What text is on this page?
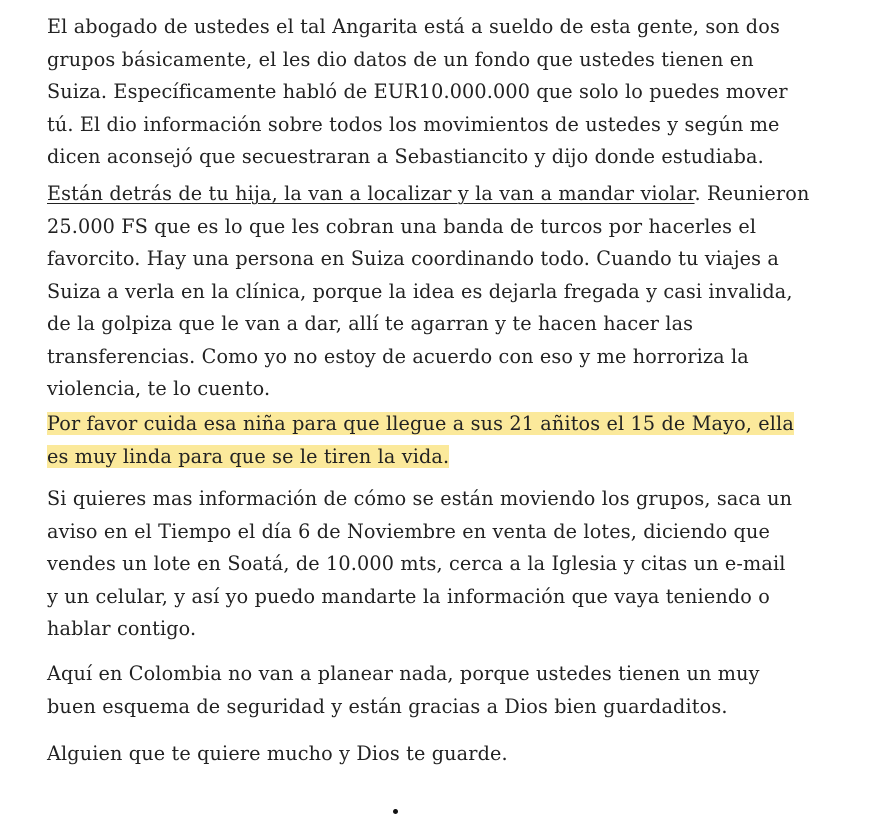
El abogado de ustedes el tal Angarita está a sueldo de esta gente, son dos
grupos básicamente, el les dio datos de un fondo que ustedes tienen en
Suiza. Específicamente habló de EUR10.000.000 que solo lo puedes mover
tú. El dio información sobre todos los movimientos de ustedes y según me
dicen aconsejó que secuestraran a Sebastiancito y dijo donde estudiaba.
Están detrás de tu hija, la van a localizar y la van a mandar violar. Reunieron
25.000 FS que es lo que les cobran una banda de turcos por hacerles el
favorcito. Hay una persona en Suiza coordinando todo. Cuando tu viajes a
Suiza a verla en la clínica, porque la idea es dejarla fregada y casi invalida,
de la golpiza que le van a dar, allí te agarran y te hacen hacer las
transferencias. Como yo no estoy de acuerdo con eso y me horroriza la
violencia, te lo cuento.
Por favor cuida esa niña para que llegue a sus 21 añitos el 15 de Mayo, ella
es muy linda para que se le tiren la vida.
Si quieres mas información de cómo se están moviendo los grupos, saca un
aviso en el Tiempo el día 6 de Noviembre en venta de lotes, diciendo que
vendes un lote en Soatá, de 10.000 mts, cerca a la Iglesia y citas un e-mail
y un celular, y así yo puedo mandarte la información que vaya teniendo o
hablar contigo.
Aquí en Colombia no van a planear nada, porque ustedes tienen un muy
buen esquema de seguridad y están gracias a Dios bien guardaditos.
Alguien que te quiere mucho y Dios te guarde.
